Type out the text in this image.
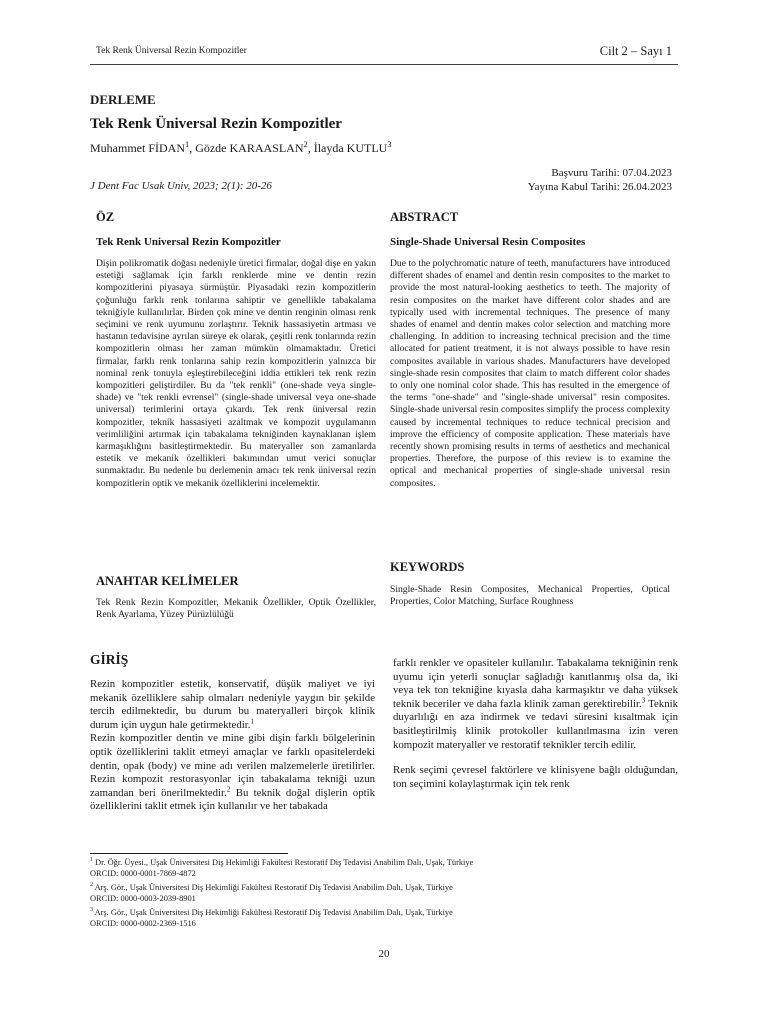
Tek Renk Üniversal Rezin Kompozitler	Cilt 2 – Sayı 1
DERLEME
Tek Renk Üniversal Rezin Kompozitler
Muhammet FİDAN$^1$, Gözde KARAASLAN$^2$, İlayda KUTLU$^3$
Başvuru Tarihi: 07.04.2023
Yayına Kabul Tarihi: 26.04.2023
J Dent Fac Usak Univ, 2023; 2(1): 20-26
ÖZ
Tek Renk Universal Rezin Kompozitler

Dişin polikromatik doğası nedeniyle üretici firmalar, doğal dişe en yakın estetiği sağlamak için farklı renklerde mine ve dentin rezin kompozitlerini piyasaya sürmüştür. Piyasadaki rezin kompozitlerin çoğunluğu farklı renk tonlarına sahiptir ve genellikle tabakalama tekniğiyle kullanılırlar. Birden çok mine ve dentin renginin olması renk seçimini ve renk uyumunu zorlaştırır. Teknik hassasiyetin artması ve hastanın tedavisine ayrılan süreye ek olarak, çeşitli renk tonlarında rezin kompozitlerin olması her zaman mümkün olmamaktadır. Üretici firmalar, farklı renk tonlarına sahip rezin kompozitlerin yalnızca bir nominal renk tonuyla eşleştirebileceğini iddia ettikleri tek renk rezin kompozitleri geliştirdiler. Bu da "tek renkli" (one-shade veya single-shade) ve "tek renkli evrensel" (single-shade universal veya one-shade universal) terimlerini ortaya çıkardı. Tek renk üniversal rezin kompozitler, teknik hassasiyeti azaltmak ve kompozit uygulamanın verimliliğini artırmak için tabakalama tekniğinden kaynaklanan işlem karmaşıklığını basitleştirmektedir. Bu materyaller son zamanlarda estetik ve mekanik özellikleri bakımından umut verici sonuçlar sunmaktadır. Bu nedenle bu derlemenin amacı tek renk üniversal rezin kompozitlerin optik ve mekanik özelliklerini incelemektir.

ANAHTAR KELİMELER

Tek Renk Rezin Kompozitler, Mekanik Özellikler, Optik Özellikler, Renk Ayarlama, Yüzey Pürüzlülüğü

ABSTRACT
Single-Shade Universal Resin Composites

Due to the polychromatic nature of teeth, manufacturers have introduced different shades of enamel and dentin resin composites to the market to provide the most natural-looking aesthetics to teeth. The majority of resin composites on the market have different color shades and are typically used with incremental techniques. The presence of many shades of enamel and dentin makes color selection and matching more challenging. In addition to increasing technical precision and the time allocated for patient treatment, it is not always possible to have resin composites available in various shades. Manufacturers have developed single-shade resin composites that claim to match different color shades to only one nominal color shade. This has resulted in the emergence of the terms "one-shade" and "single-shade universal" resin composites. Single-shade universal resin composites simplify the process complexity caused by incremental techniques to reduce technical precision and improve the efficiency of composite application. These materials have recently shown promising results in terms of aesthetics and mechanical properties. Therefore, the purpose of this review is to examine the optical and mechanical properties of single-shade universal resin composites.

KEYWORDS

Single-Shade Resin Composites, Mechanical Properties, Optical Properties, Color Matching, Surface Roughness

GİRİŞ

Rezin kompozitler estetik, konservatif, düşük maliyet ve iyi mekanik özelliklere sahip olmaları nedeniyle yaygın bir şekilde tercih edilmektedir, bu durum bu materyalleri birçok klinik durum için uygun hale getirmektedir.$^1$

Rezin kompozitler dentin ve mine gibi dişin farklı bölgelerinin optik özelliklerini taklit etmeyi amaçlar ve farklı opasitelerdeki dentin, opak (body) ve mine adı verilen malzemelerle üretilirler. Rezin kompozit restorasyonlar için tabakalama tekniği uzun zamandan beri önerilmektedir.$^2$ Bu teknik doğal dişlerin optik özelliklerini taklit etmek için kullanılır ve her tabakada

farklı renkler ve opasiteler kullanılır. Tabakalama tekniğinin renk uyumu için yeterli sonuçlar sağladığı kanıtlanmış olsa da, iki veya tek ton tekniğine kıyasla daha karmaşıktır ve daha yüksek teknik beceriler ve daha fazla klinik zaman gerektirebilir.$^3$ Teknik duyarlılığı en aza indirmek ve tedavi süresini kısaltmak için basitleştirilmiş klinik protokoller kullanılmasına izin veren kompozit materyaller ve restoratif teknikler tercih edilir.

Renk seçimi çevresel faktörlere ve klinisyene bağlı olduğundan, ton seçimini kolaylaştırmak için tek renk

$^1$ Dr. Öğr. Üyesi., Uşak Üniversitesi Diş Hekimliği Fakültesi Restoratif Diş Tedavisi Anabilim Dalı, Uşak, Türkiye
ORCID: 0000-0001-7869-4872
$^2$ Arş. Gör., Uşak Üniversitesi Diş Hekimliği Fakültesi Restoratif Diş Tedavisi Anabilim Dalı, Uşak, Türkiye
ORCID: 0000-0003-2039-8901
$^3$ Arş. Gör., Uşak Üniversitesi Diş Hekimliği Fakültesi Restoratif Diş Tedavisi Anabilim Dalı, Uşak, Türkiye
ORCID: 0000-0002-2369-1516
20
